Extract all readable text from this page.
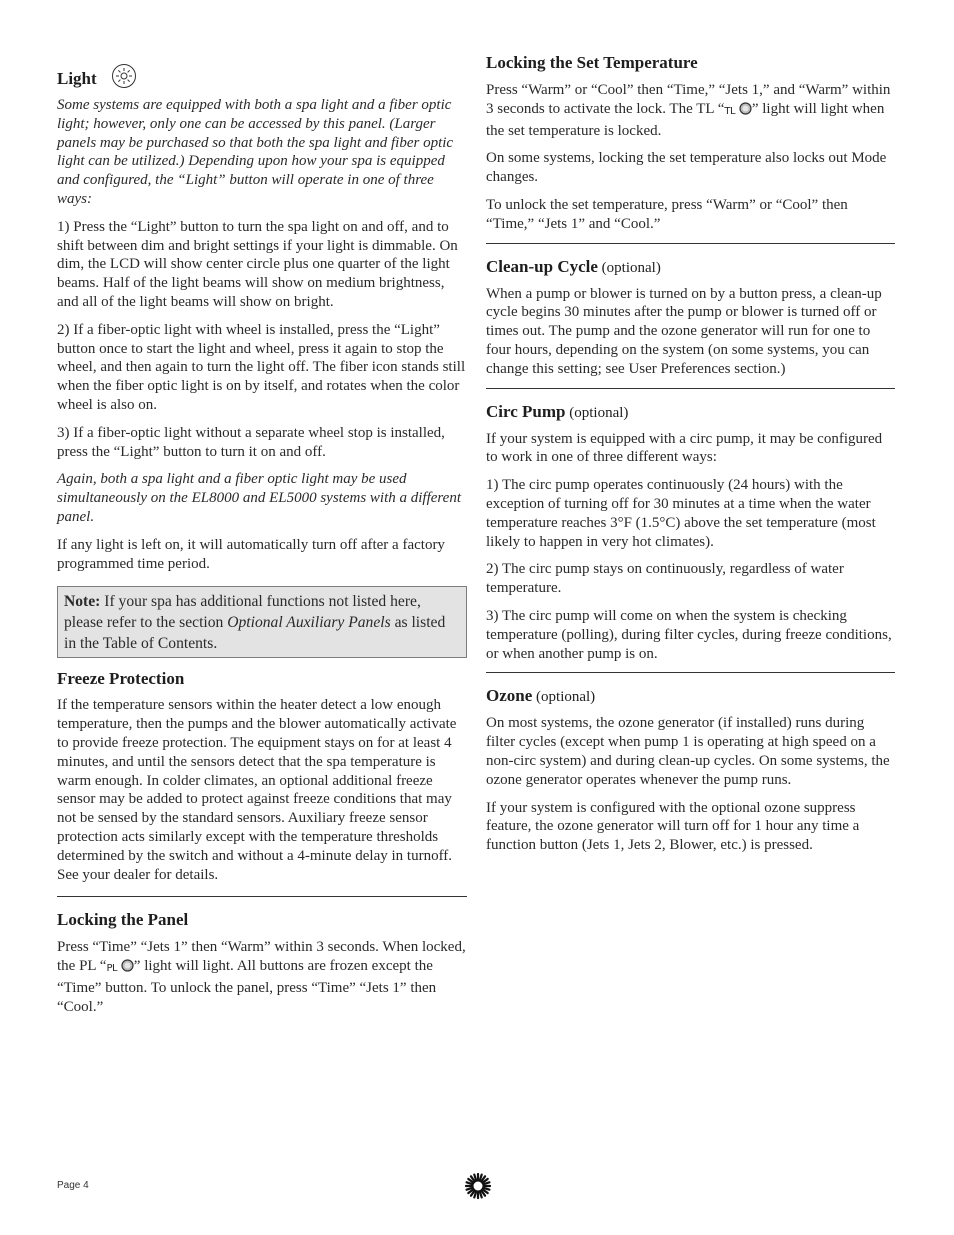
Light

Some systems are equipped with both a spa light and a fiber optic light; however, only one can be accessed by this panel. (Larger panels may be purchased so that both the spa light and fiber optic light can be utilized.) Depending upon how your spa is equipped and configured, the “Light” button will operate in one of three ways:

1) Press the “Light” button to turn the spa light on and off, and to shift between dim and bright settings if your light is dimmable. On dim, the LCD will show center circle plus one quarter of the light beams. Half of the light beams will show on medium brightness, and all of the light beams will show on bright.

2) If a fiber-optic light with wheel is installed, press the “Light” button once to start the light and wheel, press it again to stop the wheel, and then again to turn the light off. The fiber icon stands still when the fiber optic light is on by itself, and rotates when the color wheel is also on.

3) If a fiber-optic light without a separate wheel stop is installed, press the “Light” button to turn it on and off.

Again, both a spa light and a fiber optic light may be used simultaneously on the EL8000 and EL5000 systems with a different panel.

If any light is left on, it will automatically turn off after a factory programmed time period.

Note: If your spa has additional functions not listed here, please refer to the section Optional Auxiliary Panels as listed in the Table of Contents.

Freeze Protection

If the temperature sensors within the heater detect a low enough temperature, then the pumps and the blower automatically activate to provide freeze protection. The equipment stays on for at least 4 minutes, and until the sensors detect that the spa temperature is warm enough. In colder climates, an optional additional freeze sensor may be added to protect against freeze conditions that may not be sensed by the standard sensors. Auxiliary freeze sensor protection acts similarly except with the temperature thresholds determined by the switch and without a 4-minute delay in turnoff. See your dealer for details.

Locking the Panel

Press “Time” “Jets 1” then “Warm” within 3 seconds. When locked, the PL “PL ” light will light. All buttons are frozen except the “Time” button. To unlock the panel, press “Time” “Jets 1” then “Cool.”

Locking the Set Temperature

Press “Warm” or “Cool” then “Time,” “Jets 1,” and “Warm” within 3 seconds to activate the lock. The TL “TL ” light will light when the set temperature is locked.

On some systems, locking the set temperature also locks out Mode changes.

To unlock the set temperature, press “Warm” or “Cool” then “Time,” “Jets 1” and “Cool.”

Clean-up Cycle (optional)

When a pump or blower is turned on by a button press, a clean-up cycle begins 30 minutes after the pump or blower is turned off or times out. The pump and the ozone generator will run for one to four hours, depending on the system (on some systems, you can change this setting; see User Preferences section.)

Circ Pump (optional)

If your system is equipped with a circ pump, it may be configured to work in one of three different ways:

1) The circ pump operates continuously (24 hours) with the exception of turning off for 30 minutes at a time when the water temperature reaches 3°F (1.5°C) above the set temperature (most likely to happen in very hot climates).

2) The circ pump stays on continuously, regardless of water temperature.

3) The circ pump will come on when the system is checking temperature (polling), during filter cycles, during freeze conditions, or when another pump is on.

Ozone (optional)

On most systems, the ozone generator (if installed) runs during filter cycles (except when pump 1 is operating at high speed on a non-circ system) and during clean-up cycles. On some systems, the ozone generator operates whenever the pump runs.

If your system is configured with the optional ozone suppress feature, the ozone generator will turn off for 1 hour any time a function button (Jets 1, Jets 2, Blower, etc.) is pressed.

Page 4
